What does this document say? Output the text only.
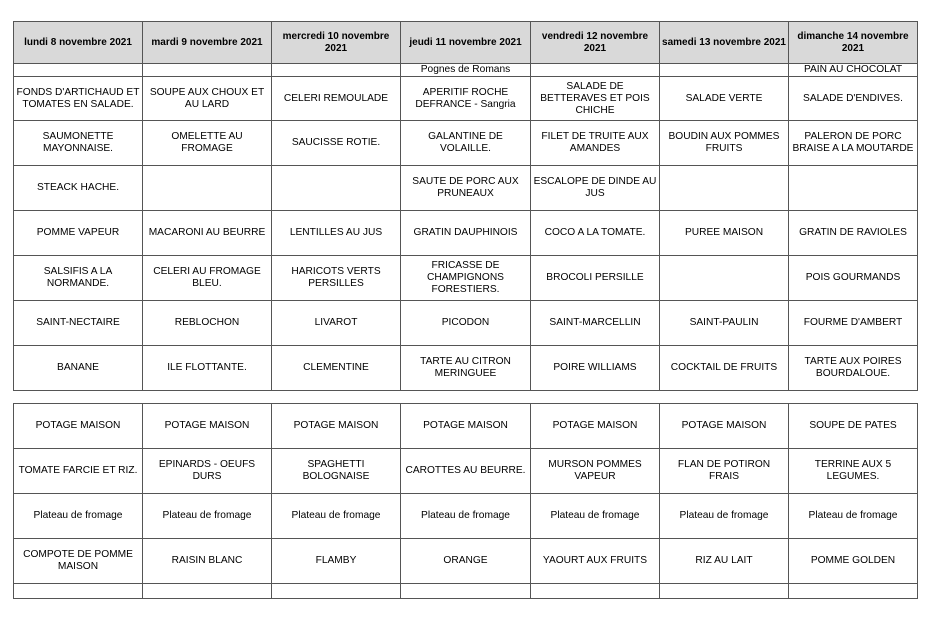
lundi 8 novembre 2021	mardi 9 novembre 2021	mercredi 10 novembre 2021	jeudi 11 novembre 2021	vendredi 12 novembre 2021	samedi 13 novembre 2021	dimanche 14 novembre 2021
			Pognes de Romans			PAIN AU CHOCOLAT
FONDS D'ARTICHAUD ET TOMATES EN SALADE.	SOUPE AUX CHOUX ET AU LARD	CELERI REMOULADE	APERITIF ROCHE DEFRANCE - Sangria	SALADE DE BETTERAVES ET POIS CHICHE	SALADE VERTE	SALADE D'ENDIVES.
SAUMONETTE MAYONNAISE.	OMELETTE AU FROMAGE	SAUCISSE ROTIE.	GALANTINE DE VOLAILLE.	FILET DE TRUITE AUX AMANDES	BOUDIN AUX POMMES FRUITS	PALERON DE PORC BRAISE A LA MOUTARDE
STEACK HACHE.			SAUTE DE PORC AUX PRUNEAUX	ESCALOPE DE DINDE AU JUS		
POMME VAPEUR	MACARONI AU BEURRE	LENTILLES AU JUS	GRATIN DAUPHINOIS	COCO A LA TOMATE.	PUREE MAISON	GRATIN DE RAVIOLES
SALSIFIS A LA NORMANDE.	CELERI AU FROMAGE BLEU.	HARICOTS VERTS PERSILLES	FRICASSE DE CHAMPIGNONS FORESTIERS.	BROCOLI PERSILLE		POIS GOURMANDS
SAINT-NECTAIRE	REBLOCHON	LIVAROT	PICODON	SAINT-MARCELLIN	SAINT-PAULIN	FOURME D'AMBERT
BANANE	ILE FLOTTANTE.	CLEMENTINE	TARTE AU CITRON MERINGUEE	POIRE WILLIAMS	COCKTAIL DE FRUITS	TARTE AUX POIRES BOURDALOUE.
POTAGE MAISON	POTAGE MAISON	POTAGE MAISON	POTAGE MAISON	POTAGE MAISON	POTAGE MAISON	SOUPE DE PATES
TOMATE FARCIE ET RIZ.	EPINARDS - OEUFS DURS	SPAGHETTI BOLOGNAISE	CAROTTES AU BEURRE.	MURSON POMMES VAPEUR	FLAN DE POTIRON FRAIS	TERRINE AUX 5 LEGUMES.
Plateau de fromage	Plateau de fromage	Plateau de fromage	Plateau de fromage	Plateau de fromage	Plateau de fromage	Plateau de fromage
COMPOTE DE POMME MAISON	RAISIN BLANC	FLAMBY	ORANGE	YAOURT AUX FRUITS	RIZ AU LAIT	POMME GOLDEN
